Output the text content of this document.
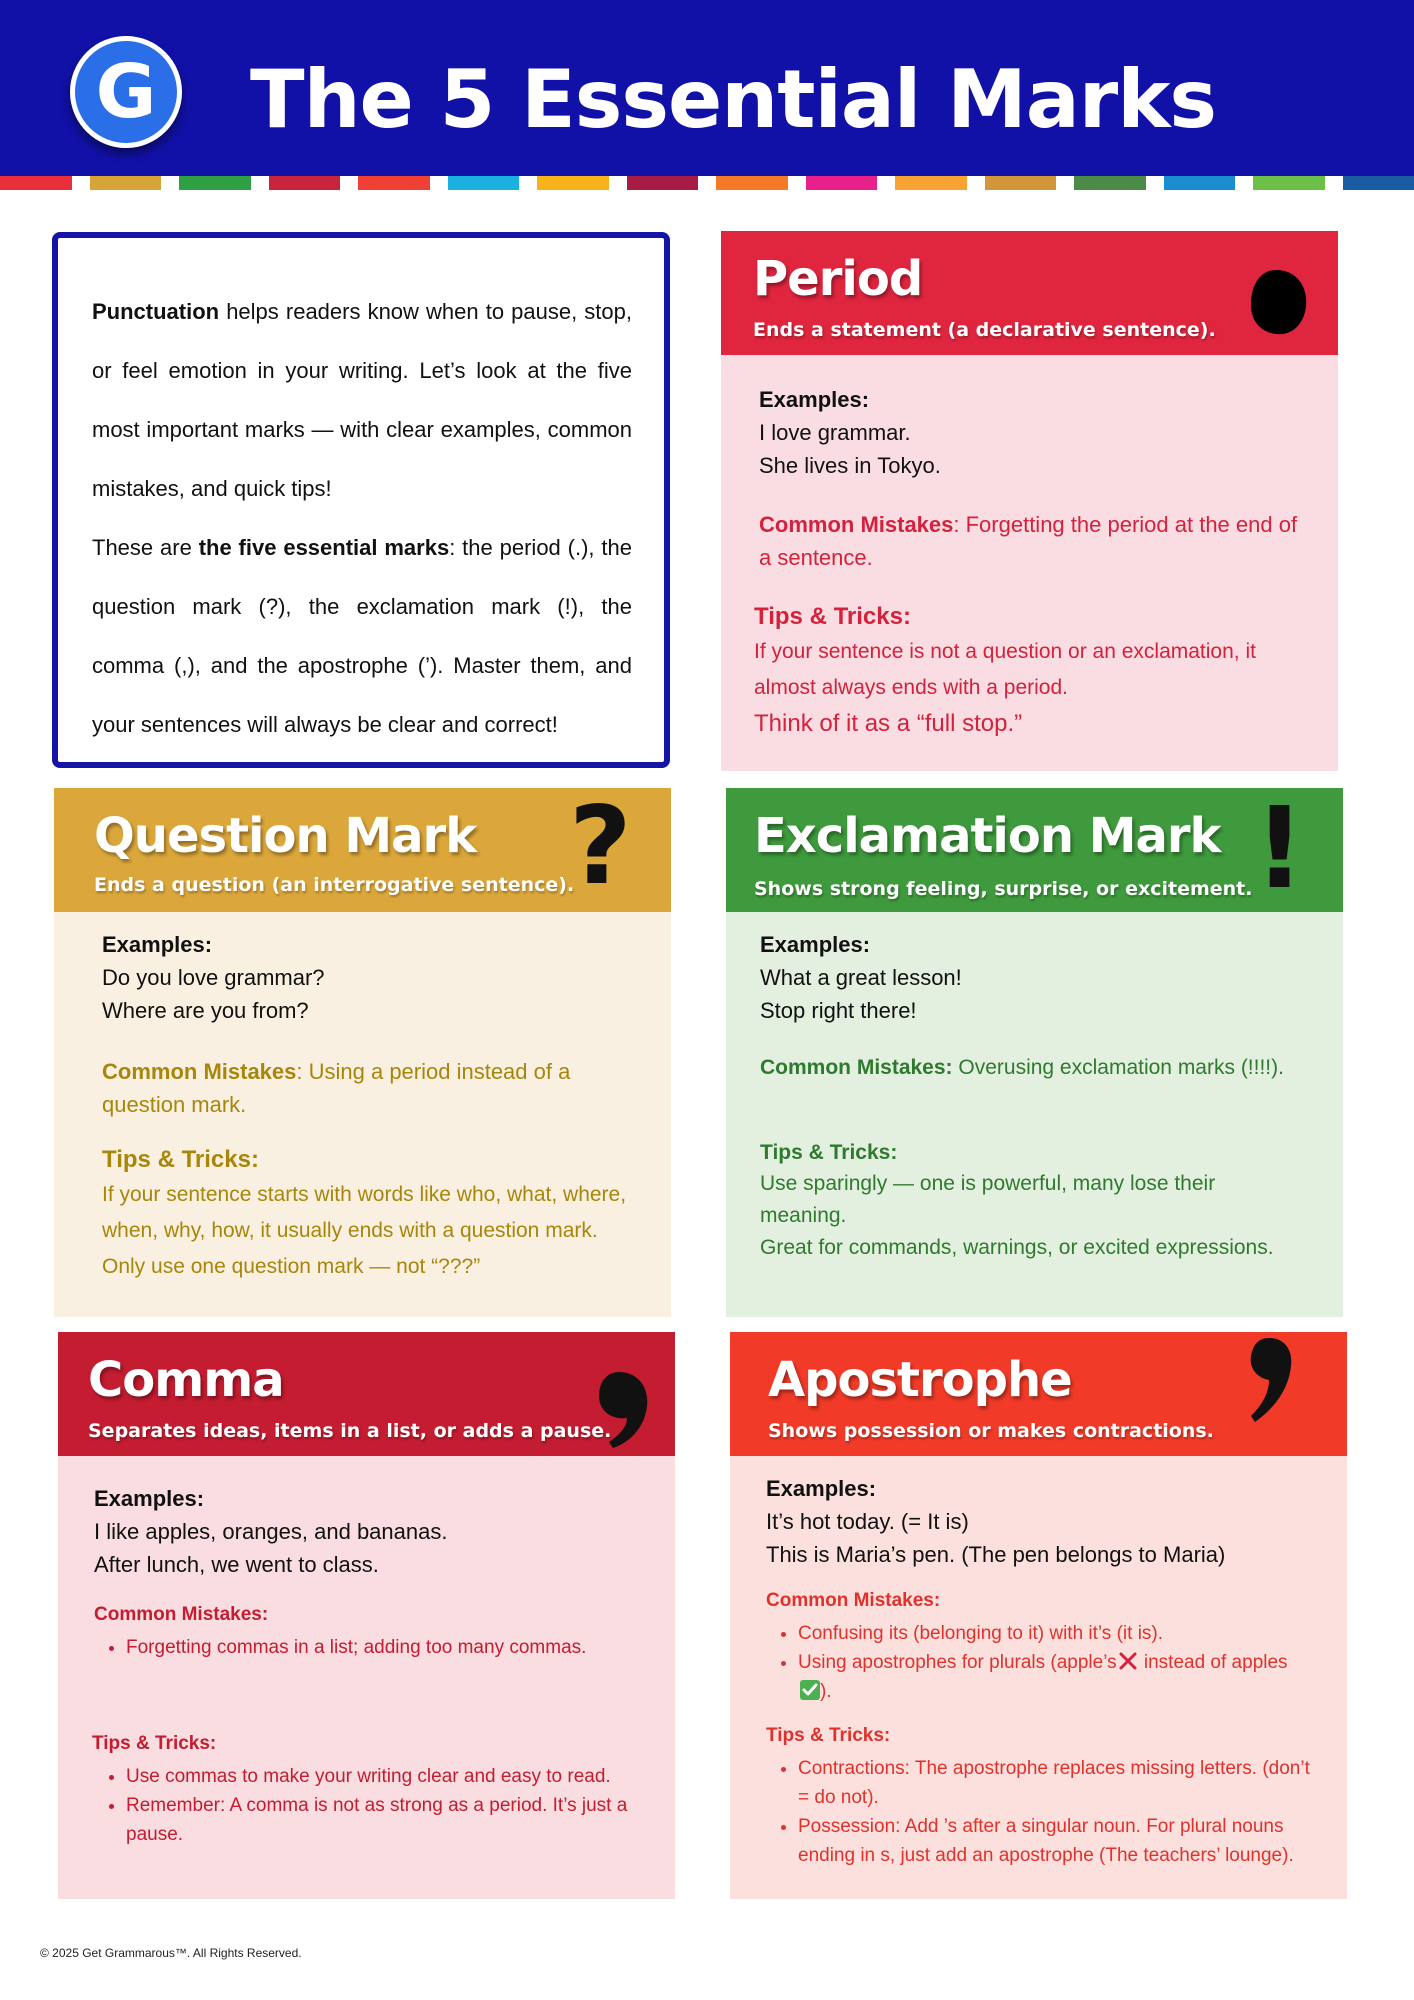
G	The 5 Essential Marks

Punctuation helps readers know when to pause, stop, or feel emotion in your writing. Let’s look at the five most important marks — with clear examples, common mistakes, and quick tips!

These are the five essential marks: the period (.), the question mark (?), the exclamation mark (!), the comma (,), and the apostrophe (’). Master them, and your sentences will always be clear and correct!

Period
Ends a statement (a declarative sentence).
Examples:
I love grammar.
She lives in Tokyo.
Common Mistakes: Forgetting the period at the end of a sentence.
Tips & Tricks:
If your sentence is not a question or an exclamation, it almost always ends with a period.
Think of it as a “full stop.”
Question Mark
Ends a question (an interrogative sentence).
?
Examples:
Do you love grammar?
Where are you from?
Common Mistakes: Using a period instead of a question mark.
Tips & Tricks:
If your sentence starts with words like who, what, where, when, why, how, it usually ends with a question mark.
Only use one question mark — not “???”
Exclamation Mark
Shows strong feeling, surprise, or excitement. !
Examples:
What a great lesson!
Stop right there!
Common Mistakes: Overusing exclamation marks (!!!!).
Tips & Tricks:
Use sparingly — one is powerful, many lose their meaning.
Great for commands, warnings, or excited expressions.
Comma
Separates ideas, items in a list, or adds a pause.
Examples:
I like apples, oranges, and bananas.
After lunch, we went to class.
Common Mistakes:
• Forgetting commas in a list; adding too many commas.
Tips & Tricks:
• Use commas to make your writing clear and easy to read.
• Remember: A comma is not as strong as a period. It’s just a pause.
Apostrophe
Shows possession or makes contractions.
Examples:
It’s hot today. (= It is)
This is Maria’s pen. (The pen belongs to Maria)
Common Mistakes:
• Confusing its (belonging to it) with it’s (it is).
• Using apostrophes for plurals (apple’s instead of apples).
Tips & Tricks:
• Contractions: The apostrophe replaces missing letters. (don’t = do not).
• Possession: Add ’s after a singular noun. For plural nouns ending in s, just add an apostrophe (The teachers’ lounge).
© 2025 Get Grammarous™. All Rights Reserved.
